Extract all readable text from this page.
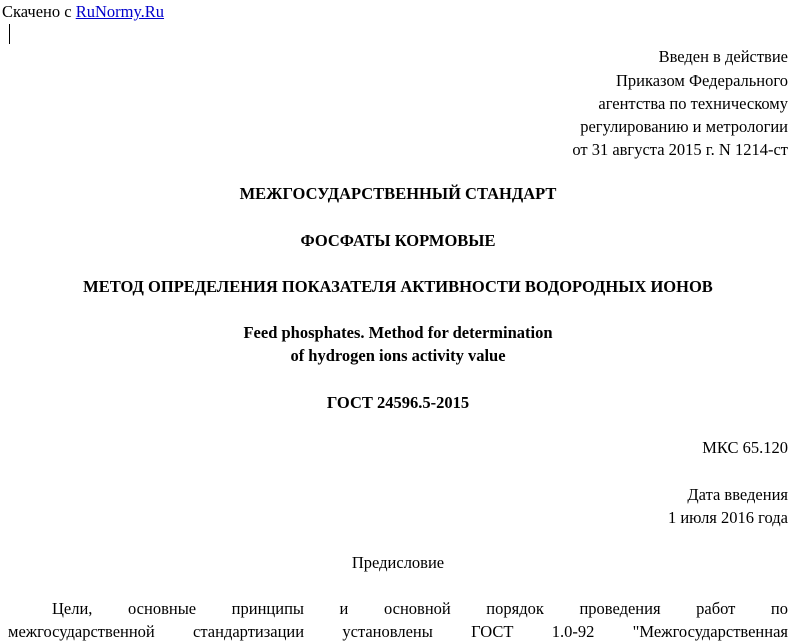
Скачено с RuNormy.Ru
Введен в действие
Приказом Федерального
агентства по техническому
регулированию и метрологии
от 31 августа 2015 г. N 1214-ст
МЕЖГОСУДАРСТВЕННЫЙ СТАНДАРТ
ФОСФАТЫ КОРМОВЫЕ
МЕТОД ОПРЕДЕЛЕНИЯ ПОКАЗАТЕЛЯ АКТИВНОСТИ ВОДОРОДНЫХ ИОНОВ
Feed phosphates. Method for determination
of hydrogen ions activity value
ГОСТ 24596.5-2015
МКС 65.120
Дата введения
1 июля 2016 года
Предисловие
Цели, основные принципы и основной порядок проведения работ по
межгосударственной стандартизации установлены ГОСТ 1.0-92 "Межгосударственная
